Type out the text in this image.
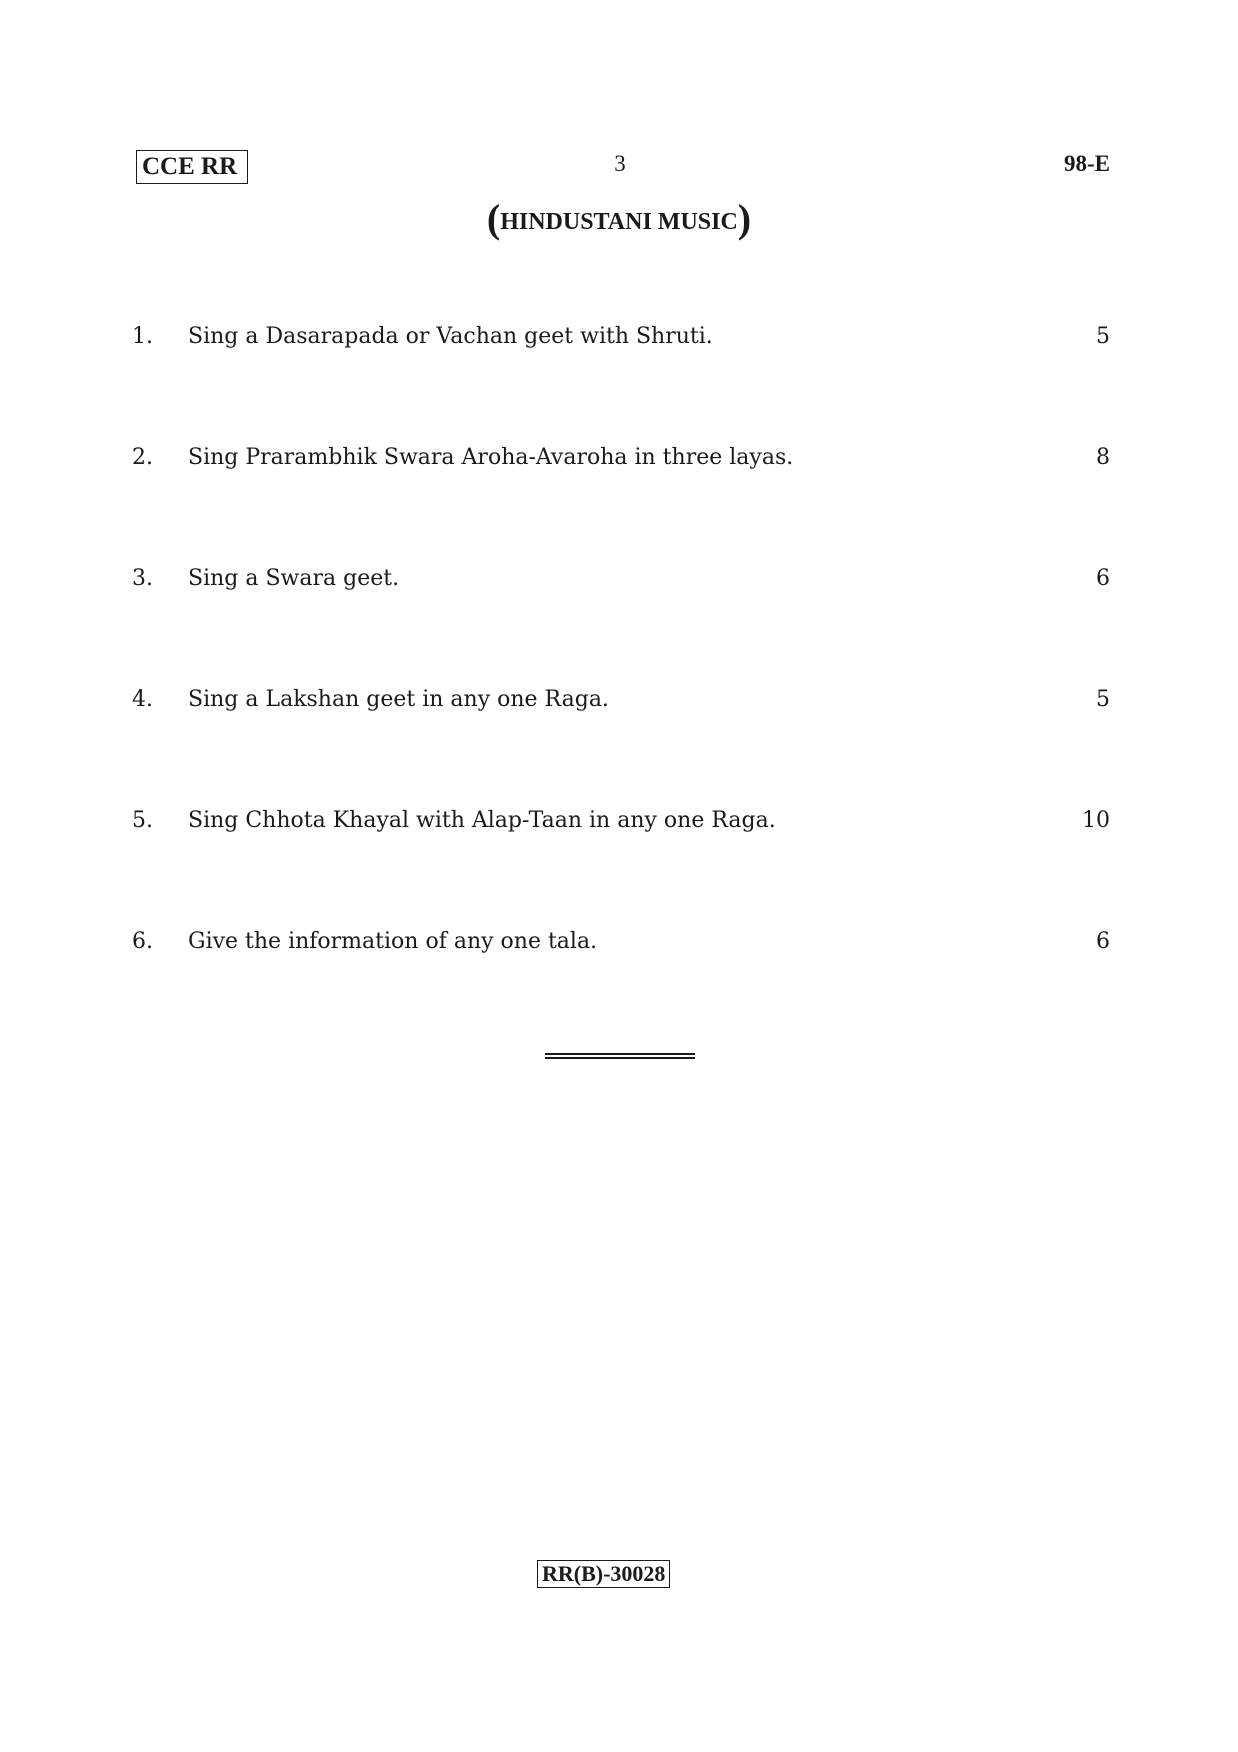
CCE RR	3	98-E
(HINDUSTANI MUSIC)
1. Sing a Dasarapada or Vachan geet with Shruti.	5
2. Sing Prarambhik Swara Aroha-Avaroha in three layas.	8
3. Sing a Swara geet.	6
4. Sing a Lakshan geet in any one Raga.	5
5. Sing Chhota Khayal with Alap-Taan in any one Raga.	10
6. Give the information of any one tala.	6
RR(B)-30028
